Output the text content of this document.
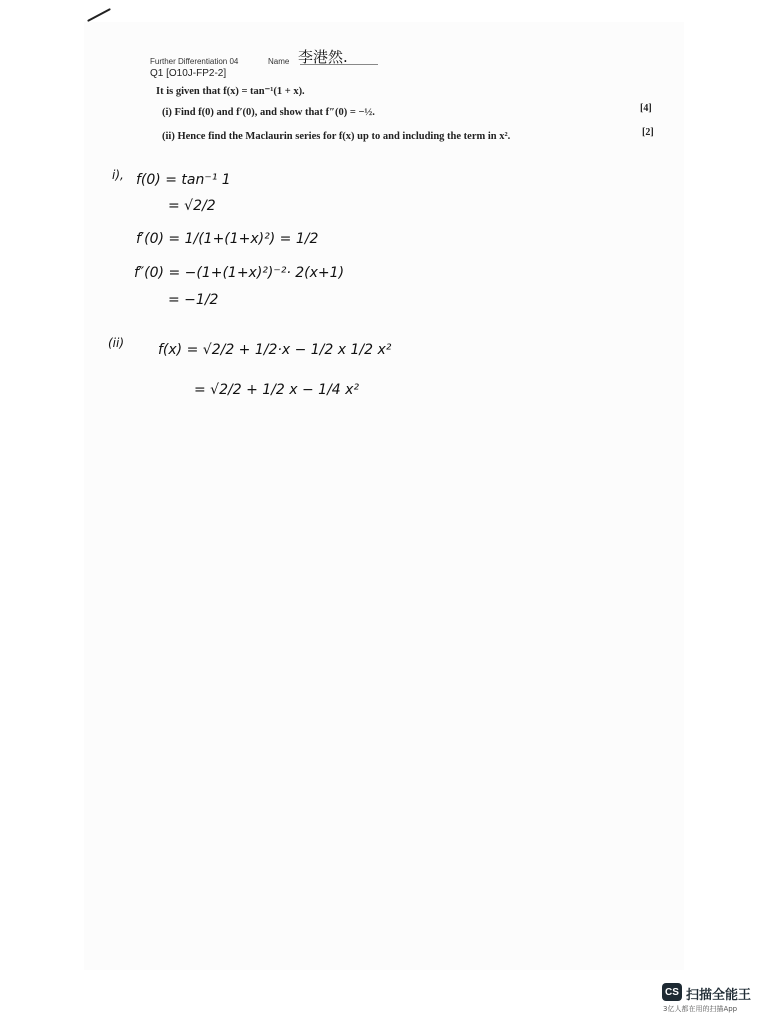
Further Differentiation 04	Name 李港然.
Q1 [O10J-FP2-2]
It is given that f(x) = tan⁻¹(1 + x).
(i) Find f(0) and f′(0), and show that f″(0) = −½.	[4]
(ii) Hence find the Maclaurin series for f(x) up to and including the term in x².	[2]
i), f(0) = tan⁻¹ 1
= √2/2
f′(0) = 1/(1+(1+x)²) = 1/2
f″(0) = −(1+(1+x)²)⁻²· 2(x+1)
= −1/2
(ii) f(x) = √2/2 + 1/2·x − 1/2 x 1/2 x²
= √2/2 + 1/2 x − 1/4 x²
CS 扫描全能王
3亿人都在用的扫描App
